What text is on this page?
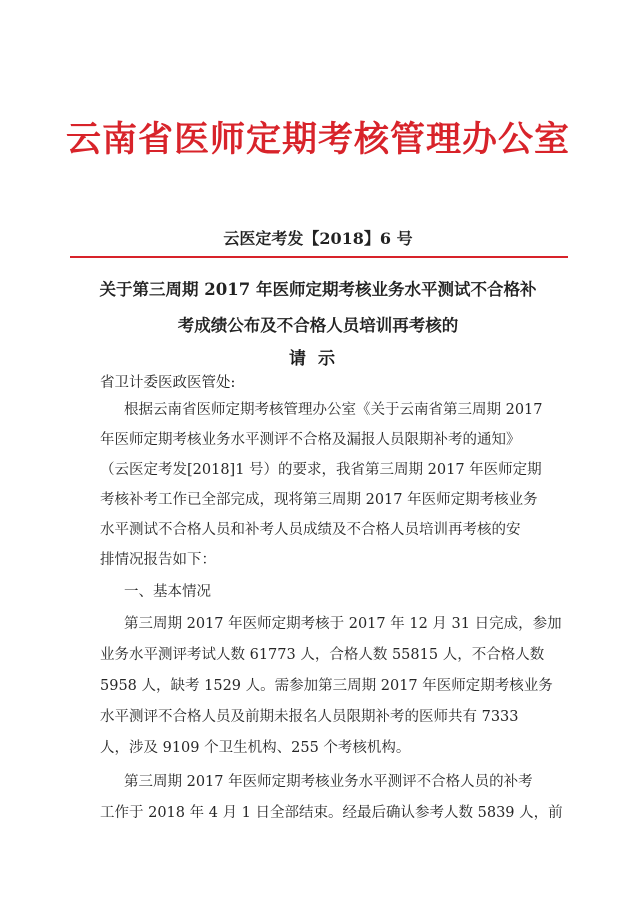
云南省医师定期考核管理办公室
云医定考发【2018】6 号
关于第三周期 2017 年医师定期考核业务水平测试不合格补
考成绩公布及不合格人员培训再考核的
请示
省卫计委医政医管处:
根据云南省医师定期考核管理办公室《关于云南省第三周期 2017
年医师定期考核业务水平测评不合格及漏报人员限期补考的通知》
（云医定考发[2018]1 号）的要求，我省第三周期 2017 年医师定期
考核补考工作已全部完成，现将第三周期 2017 年医师定期考核业务
水平测试不合格人员和补考人员成绩及不合格人员培训再考核的安
排情况报告如下：
一、基本情况
第三周期 2017 年医师定期考核于 2017 年 12 月 31 日完成，参加
业务水平测评考试人数 61773 人，合格人数 55815 人，不合格人数
5958 人，缺考 1529 人。需参加第三周期 2017 年医师定期考核业务
水平测评不合格人员及前期未报名人员限期补考的医师共有 7333
人，涉及 9109 个卫生机构、255 个考核机构。
第三周期 2017 年医师定期考核业务水平测评不合格人员的补考
工作于 2018 年 4 月 1 日全部结束。经最后确认参考人数 5839 人，前
